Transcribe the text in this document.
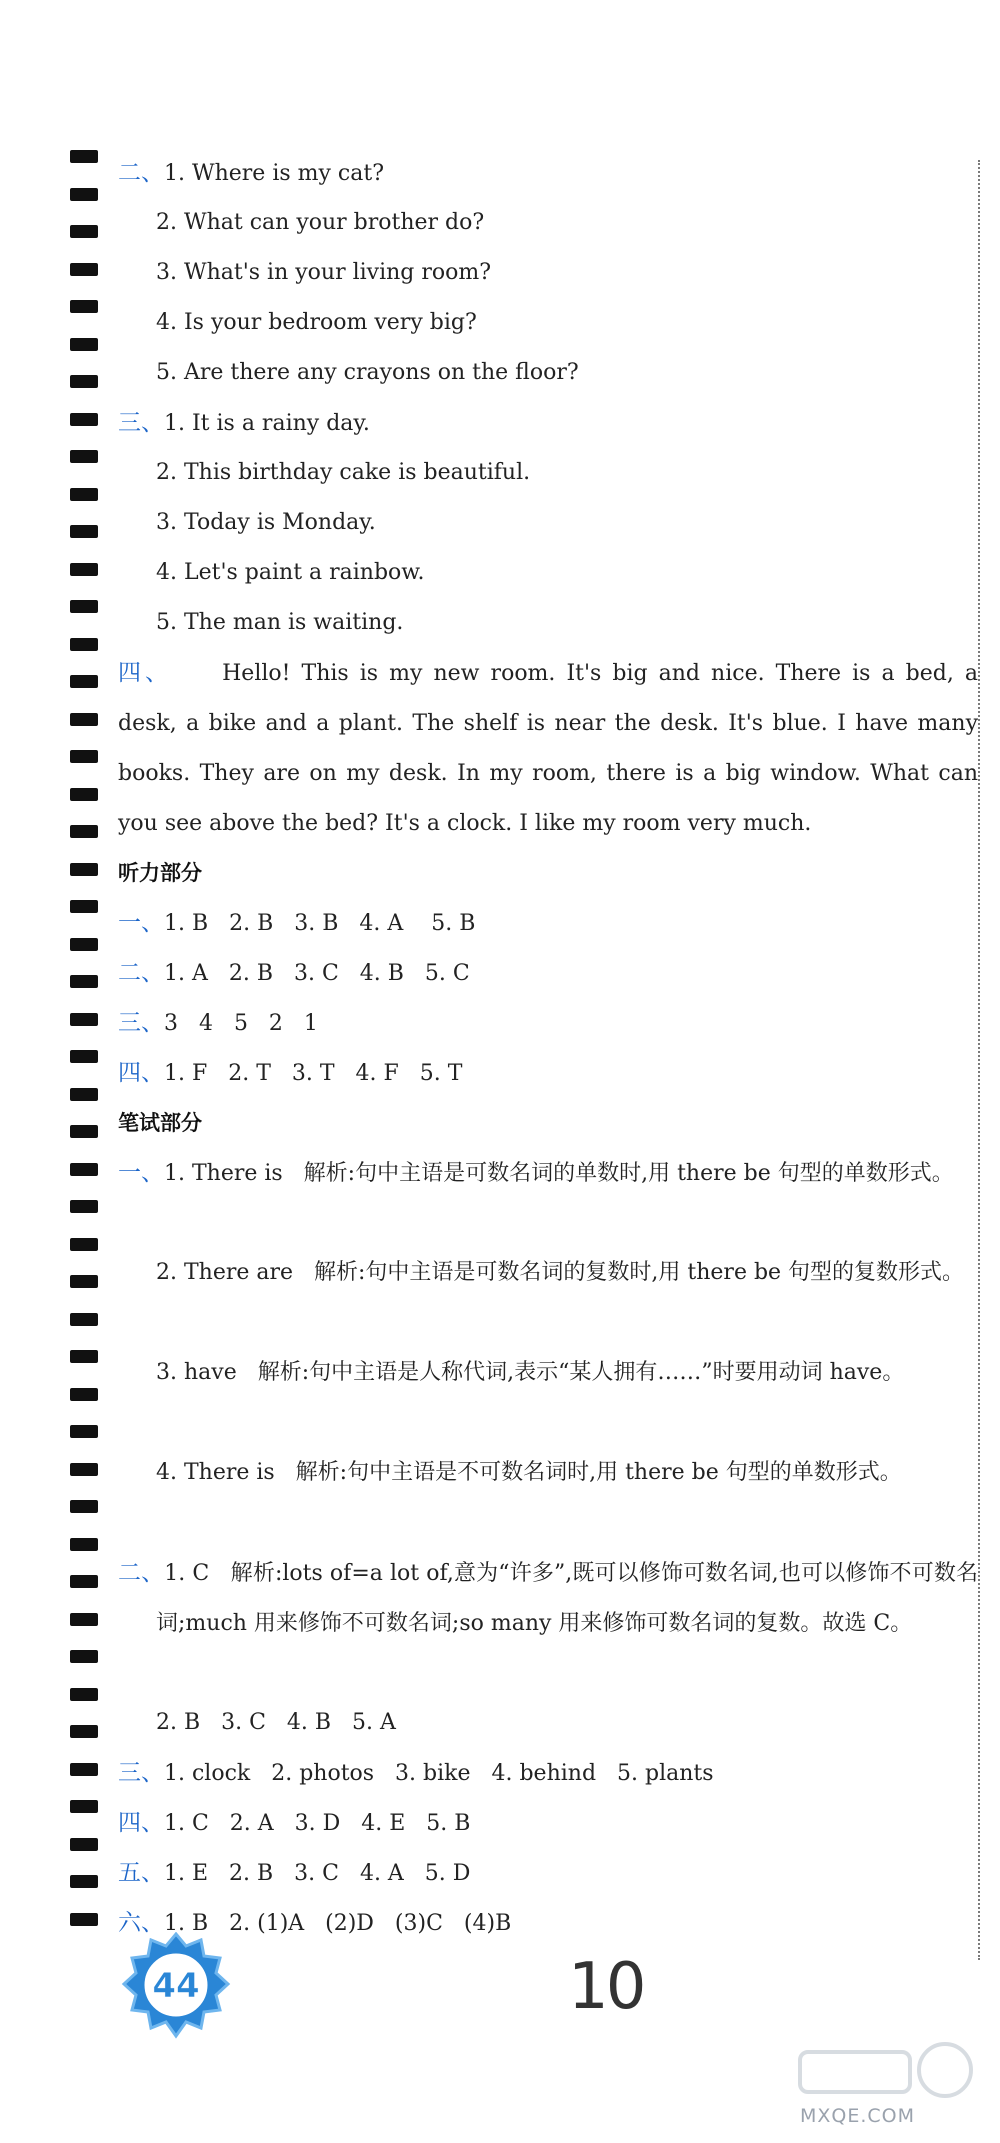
二、1. Where is my cat?
2. What can your brother do?
3. What's in your living room?
4. Is your bedroom very big?
5. Are there any crayons on the floor?
三、1. It is a rainy day.
2. This birthday cake is beautiful.
3. Today is Monday.
4. Let's paint a rainbow.
5. The man is waiting.
四、 Hello! This is my new room. It's big and nice. There is a bed, a desk, a bike and a plant. The shelf is near the desk. It's blue. I have many books. They are on my desk. In my room, there is a big window. What can you see above the bed? It's a clock. I like my room very much.
听力部分
一、1. B   2. B   3. B   4. A    5. B
二、1. A   2. B   3. C   4. B   5. C
三、3   4   5   2   1
四、1. F   2. T   3. T   4. F   5. T
笔试部分
一、1. There is   解析:句中主语是可数名词的单数时,用 there be 句型的单数形式。
2. There are   解析:句中主语是可数名词的复数时,用 there be 句型的复数形式。
3. have   解析:句中主语是人称代词,表示“某人拥有……”时要用动词 have。
4. There is   解析:句中主语是不可数名词时,用 there be 句型的单数形式。
二、1. C   解析:lots of=a lot of,意为“许多”,既可以修饰可数名词,也可以修饰不可数名词;much 用来修饰不可数名词;so many 用来修饰可数名词的复数。故选 C。
2. B   3. C   4. B   5. A
三、1. clock   2. photos   3. bike   4. behind   5. plants
四、1. C   2. A   3. D   4. E   5. B
五、1. E   2. B   3. C   4. A   5. D
六、1. B   2. (1)A   (2)D   (3)C   (4)B
44	10
MXQE.COM
